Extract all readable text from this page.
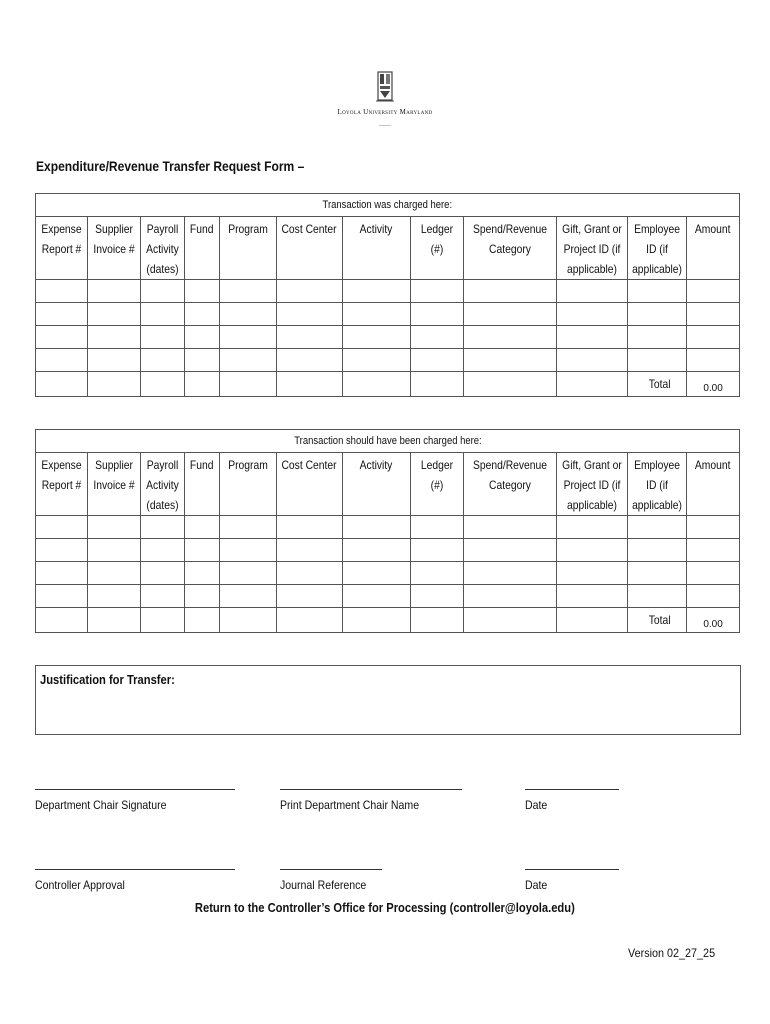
Loyola University Maryland
———
Expenditure/Revenue Transfer Request Form –
Transaction was charged here:											
Expense Report #	Supplier Invoice #	Payroll Activity (dates)	Fund	Program	Cost Center	Activity	Ledger (#)	Spend/Revenue Category	Gift, Grant or Project ID (if applicable)	Employee ID (if applicable)	Amount

										Total	0.00
Transaction should have been charged here:											
Expense Report #	Supplier Invoice #	Payroll Activity (dates)	Fund	Program	Cost Center	Activity	Ledger (#)	Spend/Revenue Category	Gift, Grant or Project ID (if applicable)	Employee ID (if applicable)	Amount

										Total	0.00
Justification for Transfer:
Department Chair Signature	Print Department Chair Name	Date
Controller Approval	Journal Reference	Date
Return to the Controller’s Office for Processing (controller@loyola.edu)
Version 02_27_25
